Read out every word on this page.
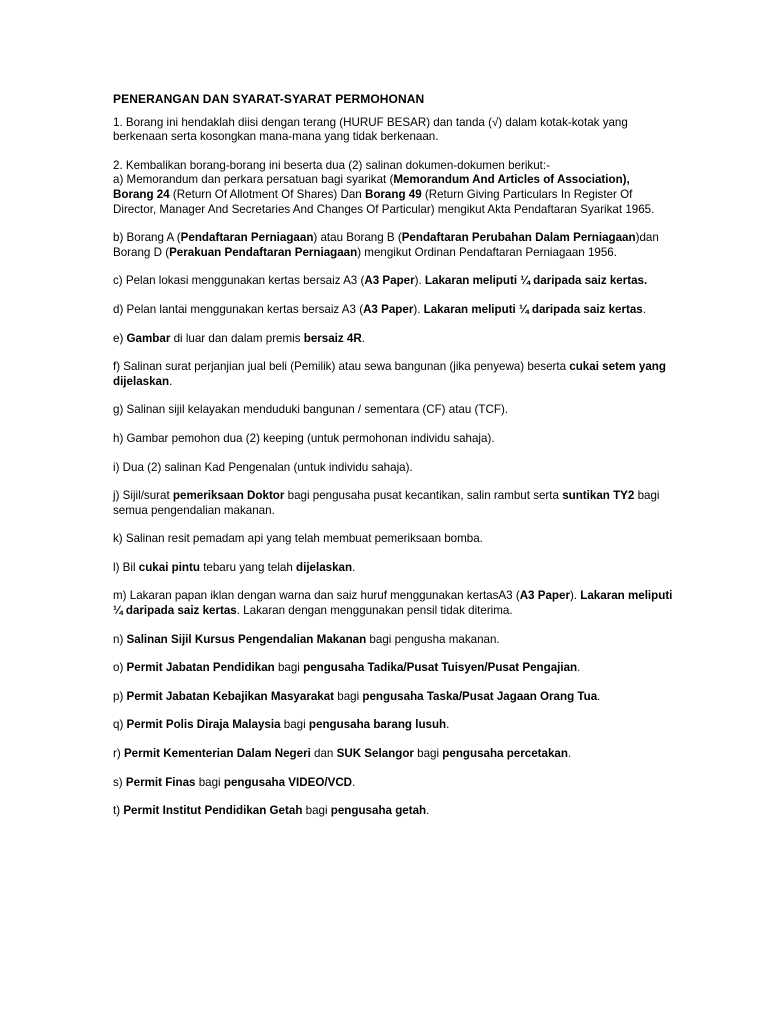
PENERANGAN DAN SYARAT-SYARAT PERMOHONAN

1. Borang ini hendaklah diisi dengan terang (HURUF BESAR) dan tanda (√) dalam kotak-kotak yang berkenaan serta kosongkan mana-mana yang tidak berkenaan.

2. Kembalikan borang-borang ini beserta dua (2) salinan dokumen-dokumen berikut:-

a) Memorandum dan perkara persatuan bagi syarikat (Memorandum And Articles of Association), Borang 24 (Return Of Allotment Of Shares) Dan Borang 49 (Return Giving Particulars In Register Of Director, Manager And Secretaries And Changes Of Particular) mengikut Akta Pendaftaran Syarikat 1965.

b) Borang A (Pendaftaran Perniagaan) atau Borang B (Pendaftaran Perubahan Dalam Perniagaan)dan Borang D (Perakuan Pendaftaran Perniagaan) mengikut Ordinan Pendaftaran Perniagaan 1956.

c) Pelan lokasi menggunakan kertas bersaiz A3 (A3 Paper). Lakaran meliputi ¼ daripada saiz kertas.

d) Pelan lantai menggunakan kertas bersaiz A3 (A3 Paper). Lakaran meliputi ¼ daripada saiz kertas.

e) Gambar di luar dan dalam premis bersaiz 4R.

f) Salinan surat perjanjian jual beli (Pemilik) atau sewa bangunan (jika penyewa) beserta cukai setem yang dijelaskan.

g) Salinan sijil kelayakan menduduki bangunan / sementara (CF) atau (TCF).

h) Gambar pemohon dua (2) keeping (untuk permohonan individu sahaja).

i) Dua (2) salinan Kad Pengenalan (untuk individu sahaja).

j) Sijil/surat pemeriksaan Doktor bagi pengusaha pusat kecantikan, salin rambut serta suntikan TY2 bagi semua pengendalian makanan.

k) Salinan resit pemadam api yang telah membuat pemeriksaan bomba.

l) Bil cukai pintu tebaru yang telah dijelaskan.

m) Lakaran papan iklan dengan warna dan saiz huruf menggunakan kertasA3 (A3 Paper). Lakaran meliputi ¼ daripada saiz kertas. Lakaran dengan menggunakan pensil tidak diterima.

n) Salinan Sijil Kursus Pengendalian Makanan bagi pengusha makanan.

o) Permit Jabatan Pendidikan bagi pengusaha Tadika/Pusat Tuisyen/Pusat Pengajian.

p) Permit Jabatan Kebajikan Masyarakat bagi pengusaha Taska/Pusat Jagaan Orang Tua.

q) Permit Polis Diraja Malaysia bagi pengusaha barang lusuh.

r) Permit Kementerian Dalam Negeri dan SUK Selangor bagi pengusaha percetakan.

s) Permit Finas bagi pengusaha VIDEO/VCD.

t) Permit Institut Pendidikan Getah bagi pengusaha getah.
